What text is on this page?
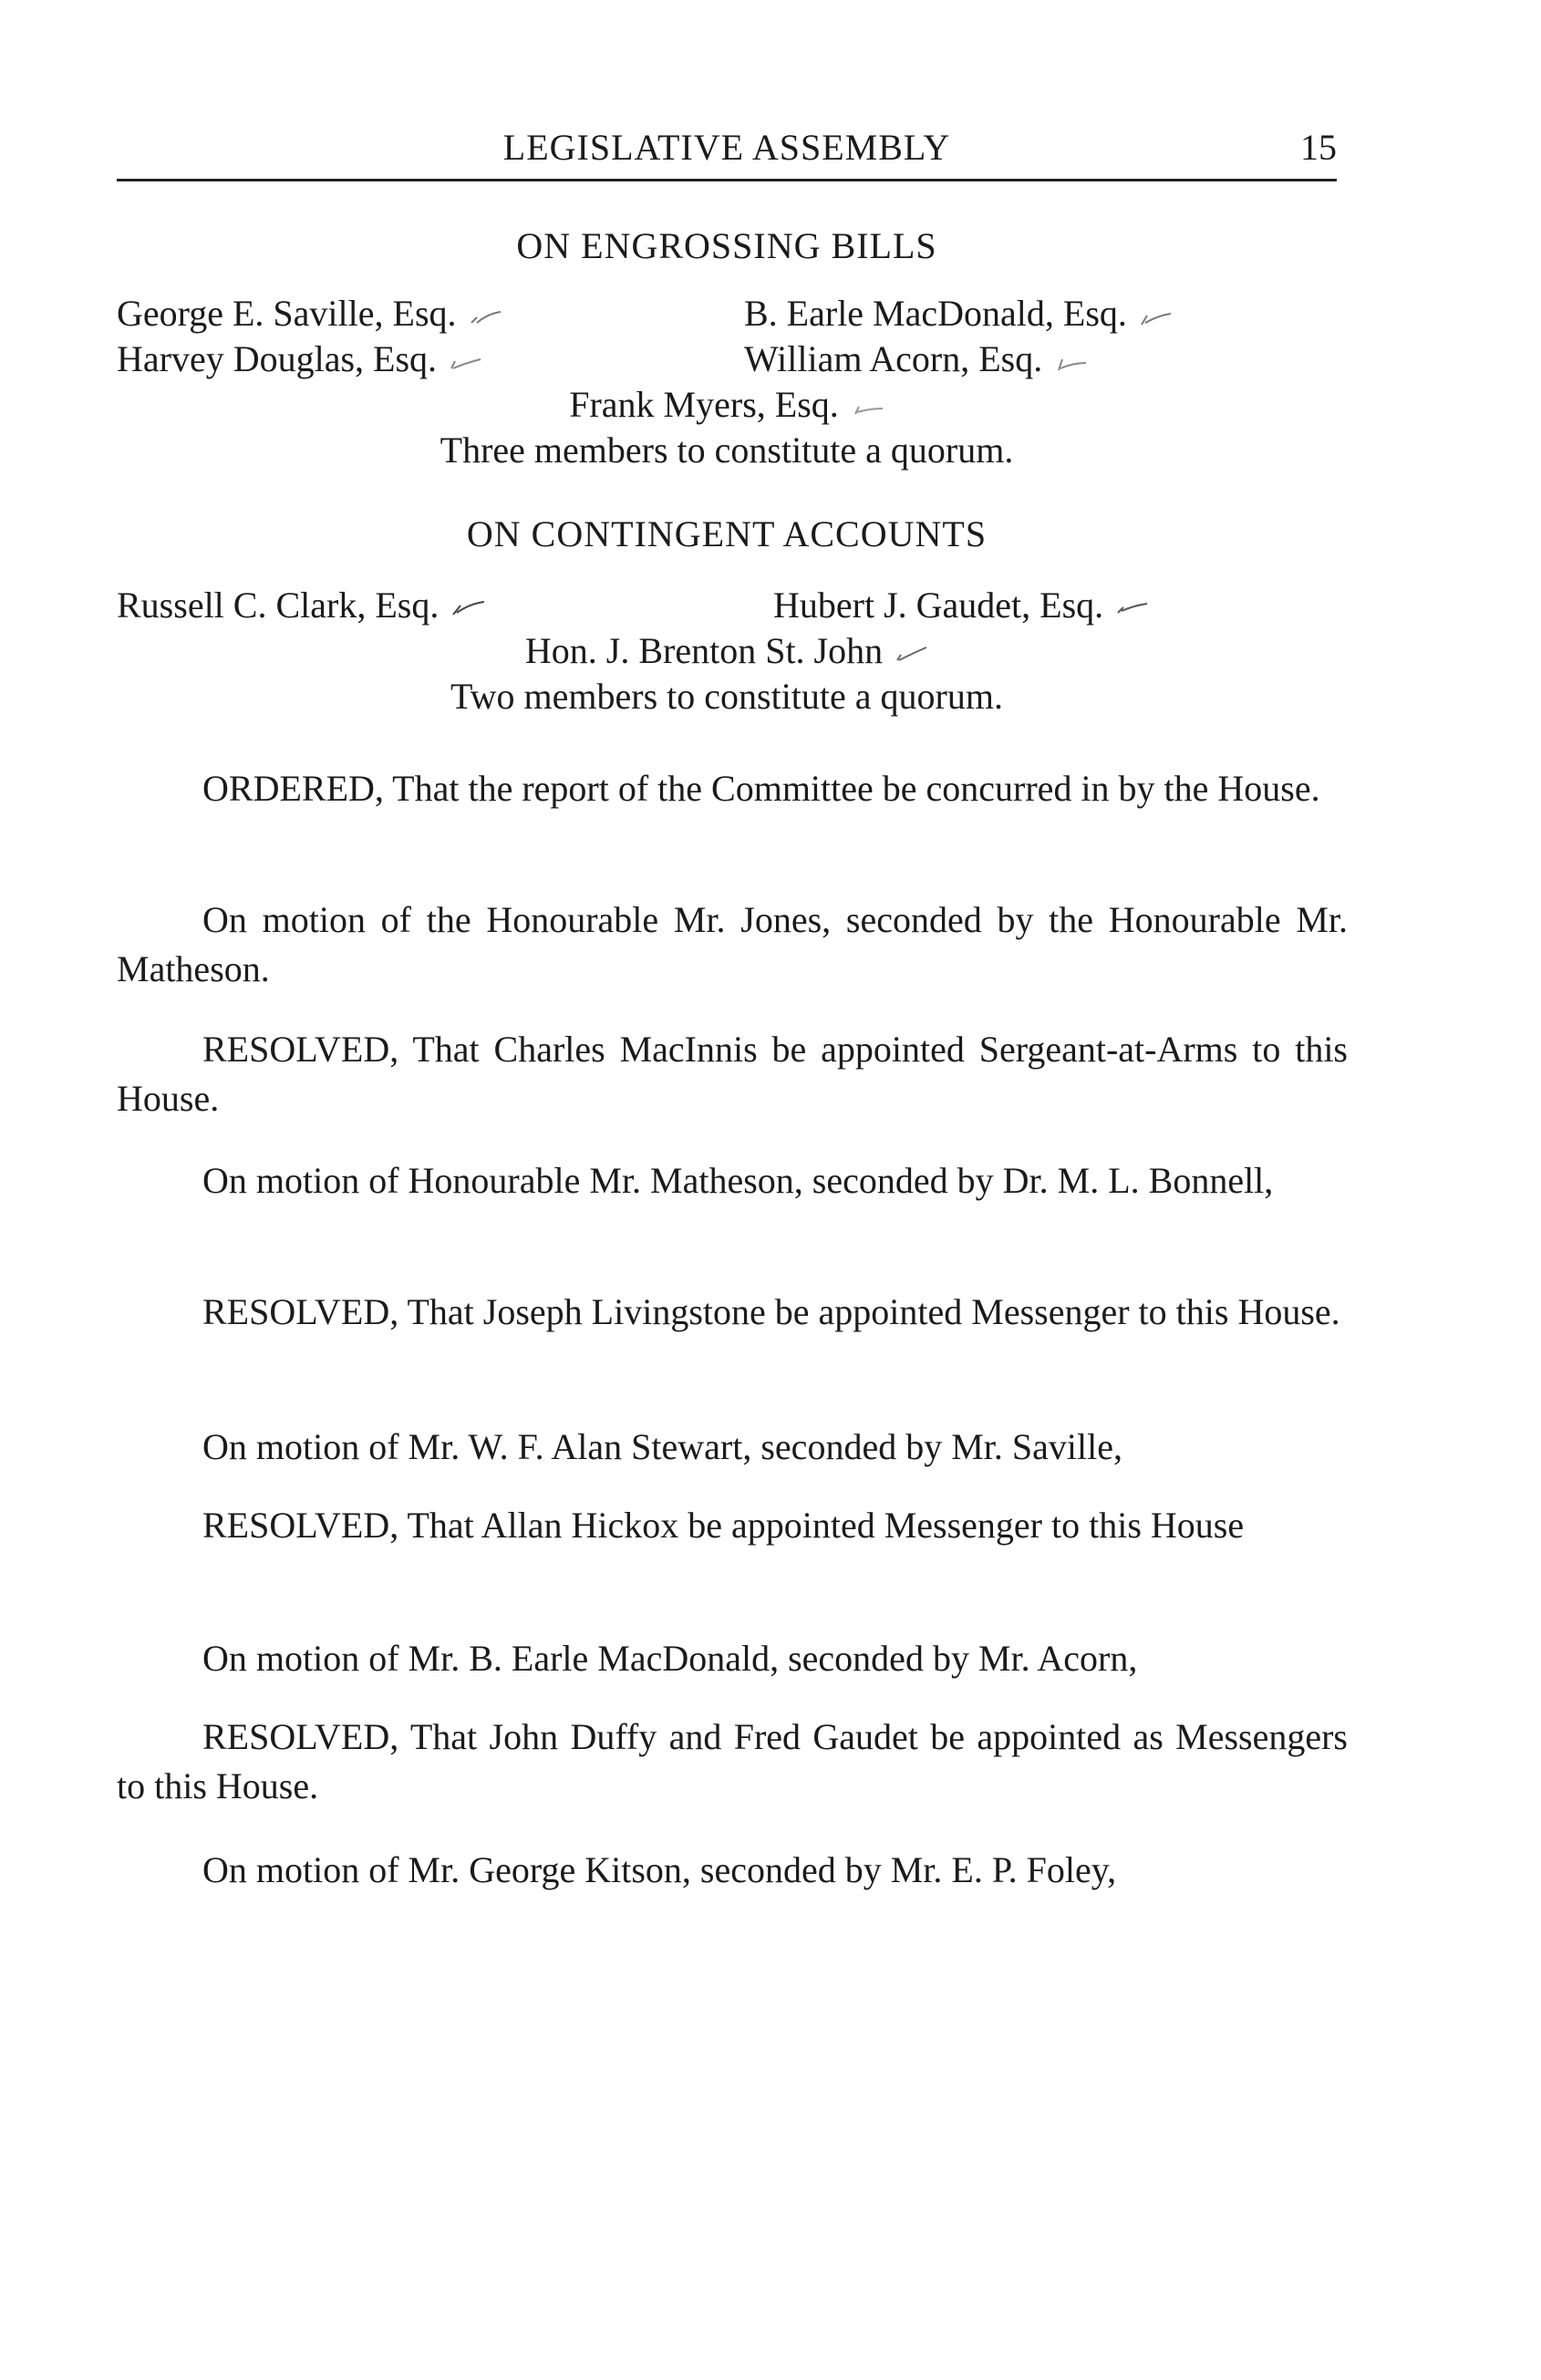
LEGISLATIVE ASSEMBLY	15
ON ENGROSSING BILLS
George E. Saville, Esq.	B. Earle MacDonald, Esq.
Harvey Douglas, Esq.	William Acorn, Esq.
Frank Myers, Esq.
Three members to constitute a quorum.
ON CONTINGENT ACCOUNTS
Russell C. Clark, Esq.	Hubert J. Gaudet, Esq.
Hon. J. Brenton St. John
Two members to constitute a quorum.
ORDERED, That the report of the Committee be concurred in by the House.
On motion of the Honourable Mr. Jones, seconded by the Honourable Mr. Matheson.
RESOLVED, That Charles MacInnis be appointed Sergeant-at-Arms to this House.
On motion of Honourable Mr. Matheson, seconded by Dr. M. L. Bonnell,
RESOLVED, That Joseph Livingstone be appointed Messenger to this House.
On motion of Mr. W. F. Alan Stewart, seconded by Mr. Saville,
RESOLVED, That Allan Hickox be appointed Messenger to this House
On motion of Mr. B. Earle MacDonald, seconded by Mr. Acorn,
RESOLVED, That John Duffy and Fred Gaudet be appointed as Messengers to this House.
On motion of Mr. George Kitson, seconded by Mr. E. P. Foley,
